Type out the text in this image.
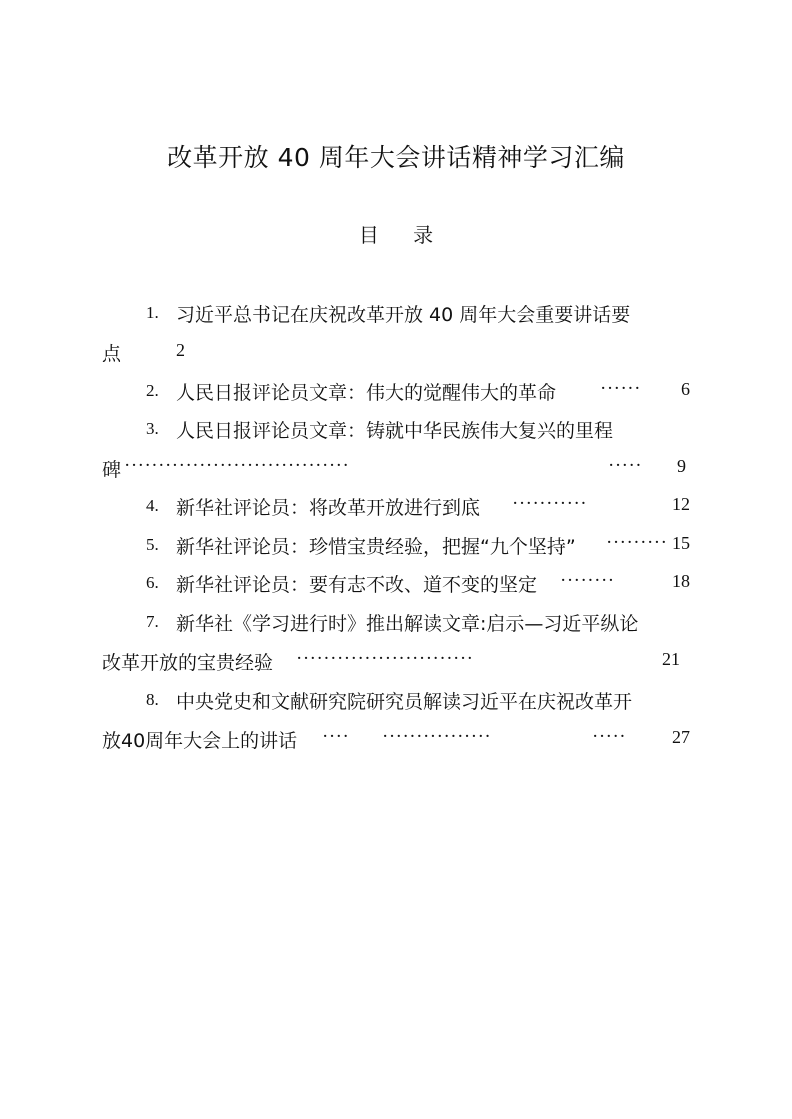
改革开放 40 周年大会讲话精神学习汇编
目 录
1. 习近平总书记在庆祝改革开放 40 周年大会重要讲话要
点	2
2. 人民日报评论员文章：伟大的觉醒伟大的革命 ······ 6
3. 人民日报评论员文章：铸就中华民族伟大复兴的里程
碑 ·································	····· 9
4. 新华社评论员：将改革开放进行到底 ···········	12
5. 新华社评论员：珍惜宝贵经验，把握“九个坚持” ········· 15
6. 新华社评论员：要有志不改、道不变的坚定 ········	18
7. 新华社《学习进行时》推出解读文章:启示—习近平纵论
改革开放的宝贵经验 ··························	21
8. 中央党史和文献研究院研究员解读习近平在庆祝改革开
放40周年大会上的讲话 ···· ················	·····	27
